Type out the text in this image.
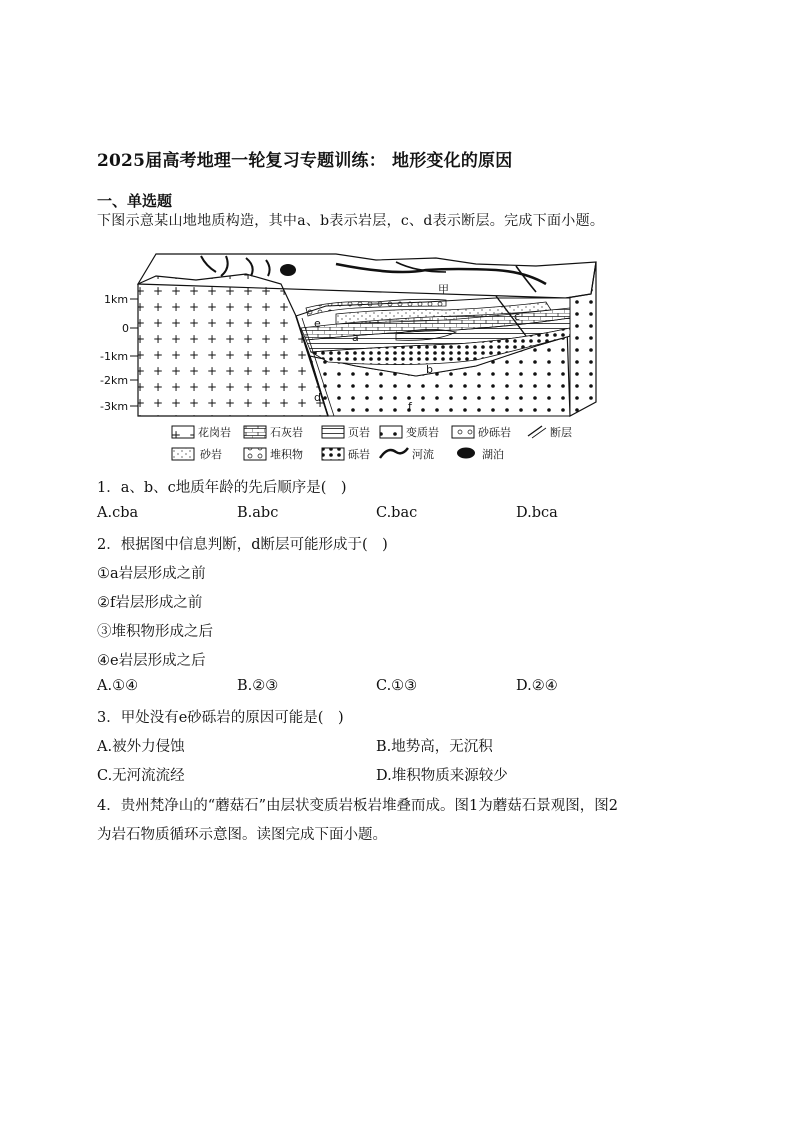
2025届高考地理一轮复习专题训练： 地形变化的原因
一、单选题
下图示意某山地地质构造，其中a、b表示岩层，c、d表示断层。完成下面小题。
1km
0
-1km
-2km
-3km
甲
e
a
b
c
d
f
花岗岩	石灰岩	页岩	变质岩	砂砾岩	断层
砂岩	堆积物	砾岩	河流	湖泊
1．a、b、c地质年龄的先后顺序是(　)
A.cba	B.abc	C.bac	D.bca
2．根据图中信息判断，d断层可能形成于(　)
①a岩层形成之前
②f岩层形成之前
③堆积物形成之后
④e岩层形成之后
A.①④	B.②③	C.①③	D.②④
3．甲处没有e砂砾岩的原因可能是(　)
A.被外力侵蚀	B.地势高，无沉积
C.无河流流经	D.堆积物质来源较少
4．贵州梵净山的“蘑菇石”由层状变质岩板岩堆叠而成。图1为蘑菇石景观图，图2
为岩石物质循环示意图。读图完成下面小题。
